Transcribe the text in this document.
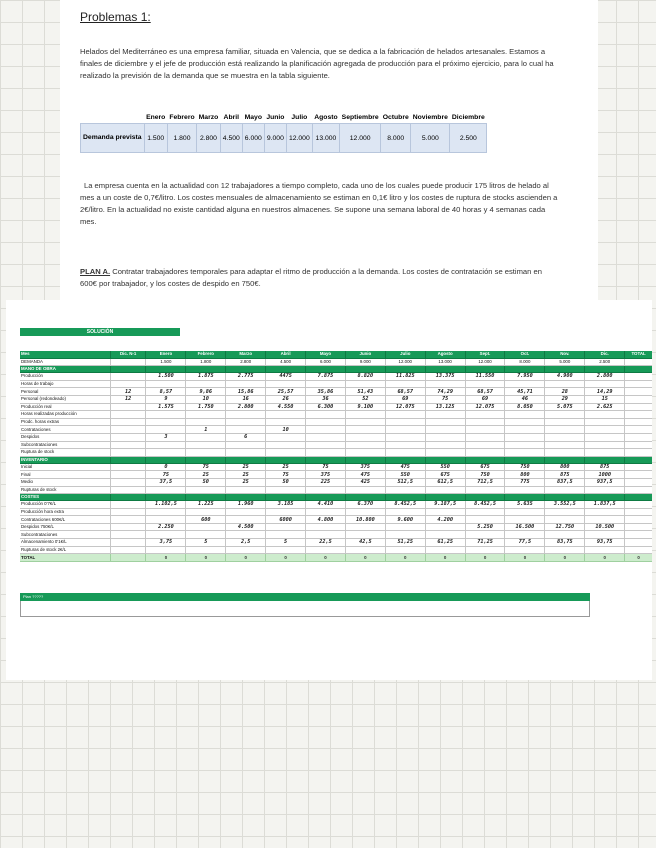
Problemas 1:

Helados del Mediterráneo es una empresa familiar, situada en Valencia, que se dedica a la fabricación de helados artesanales. Estamos a finales de diciembre y el jefe de producción está realizando la planificación agregada de producción para el próximo ejercicio, para lo cual ha realizado la previsión de la demanda que se muestra en la tabla siguiente.

	Enero	Febrero	Marzo	Abril	Mayo	Junio	Julio	Agosto	Septiembre	Octubre	Noviembre	Diciembre
Demanda prevista	1.500	1.800	2.800	4.500	6.000	9.000	12.000	13.000	12.000	8.000	5.000	2.500

La empresa cuenta en la actualidad con 12 trabajadores a tiempo completo, cada uno de los cuales puede producir 175 litros de helado al mes a un coste de 0,7€/litro. Los costes mensuales de almacenamiento se estiman en 0,1€ litro y los costes de ruptura de stocks ascienden a 2€/litro. En la actualidad no existe cantidad alguna en nuestros almacenes. Se supone una semana laboral de 40 horas y 4 semanas cada mes.

PLAN A. Contratar trabajadores temporales para adaptar el ritmo de producción a la demanda. Los costes de contratación se estiman en 600€ por trabajador, y los costes de despido en 750€.

SOLUCIÓN
Mes	Dic. N-1	Enero	Febrero	Marzo	Abril	Mayo	Junio	Julio	Agosto	Sept.	Oct.	Nov.	Dic.	TOTAL
DEMANDA		1.500	1.800	2.800	4.500	6.000	9.000	12.000	13.000	12.000	8.000	5.000	2.500	
MANO DE OBRA														
Producción		1.500	1.875	2.775	4475	7.875	8.820	11.825	13.375	11.550	7.950	4.900	2.800	
Horas de trabajo														
Personal	12	8,57	9,86	15,86	25,57	35,86	51,43	68,57	74,29	68,57	45,71	28	14,29	
Personal (redondeado)	12	9	10	16	26	36	52	69	75	69	46	29	15	
Producción real		1.575	1.750	2.800	4.550	6.300	9.100	12.075	13.125	12.075	8.050	5.075	2.625	
Horas realizadas producción														
Prodc. horas extras														
Contrataciones			1		10									
Despidos		3		6										
Subcontrataciones														
Ruptura de stock														
INVENTARIO														
Inicial		0	75	25	25	75	375	475	550	675	750	800	875	
Final		75	25	25	75	375	475	550	675	750	800	875	1000	
Medio		37,5	50	25	50	225	425	512,5	612,5	712,5	775	837,5	937,5	
Rupturas de stock														
COSTES														
Producción 0'7€/L		1.102,5	1.225	1.960	3.185	4.410	6.370	8.452,5	9.187,5	8.452,5	5.635	3.552,5	1.837,5	
Producción hora extra														
Contrataciones 600€/L			600		6000	4.800	10.800	9.600	4.200					
Despidos 750€/L		2.250		4.500						5.250	16.500	12.750	10.500	
Subcontrataciones														
Almacenamiento 0'1€/L		3,75	5	2,5	5	22,5	42,5	51,25	61,25	71,25	77,5	83,75	93,75	
Rupturas de stock 2€/L														
TOTAL		0	0	0	0	0	0	0	0	0	0	0	0	0
Plan ?????
